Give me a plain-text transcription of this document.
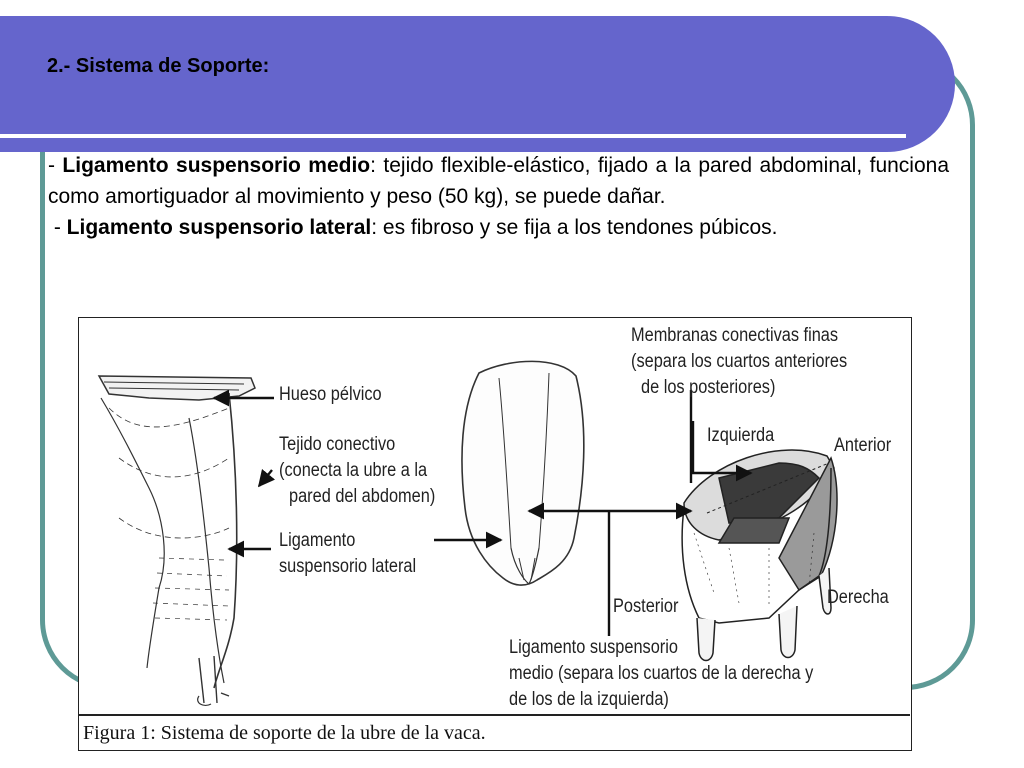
2.- Sistema de Soporte:

- Ligamento suspensorio medio: tejido flexible-elástico, fijado a la pared abdominal, funciona como amortiguador al movimiento y peso (50 kg), se puede dañar.

- Ligamento suspensorio lateral: es fibroso y se fija a los tendones púbicos.

Hueso pélvico
Tejido conectivo
(conecta la ubre a la
pared del abdomen)
Ligamento
suspensorio lateral
Membranas conectivas finas
(separa los cuartos anteriores
de los posteriores)
Izquierda	Anterior
Posterior	Derecha
Ligamento suspensorio
medio (separa los cuartos de la derecha y
de los de la izquierda)
Figura 1: Sistema de soporte de la ubre de la vaca.
